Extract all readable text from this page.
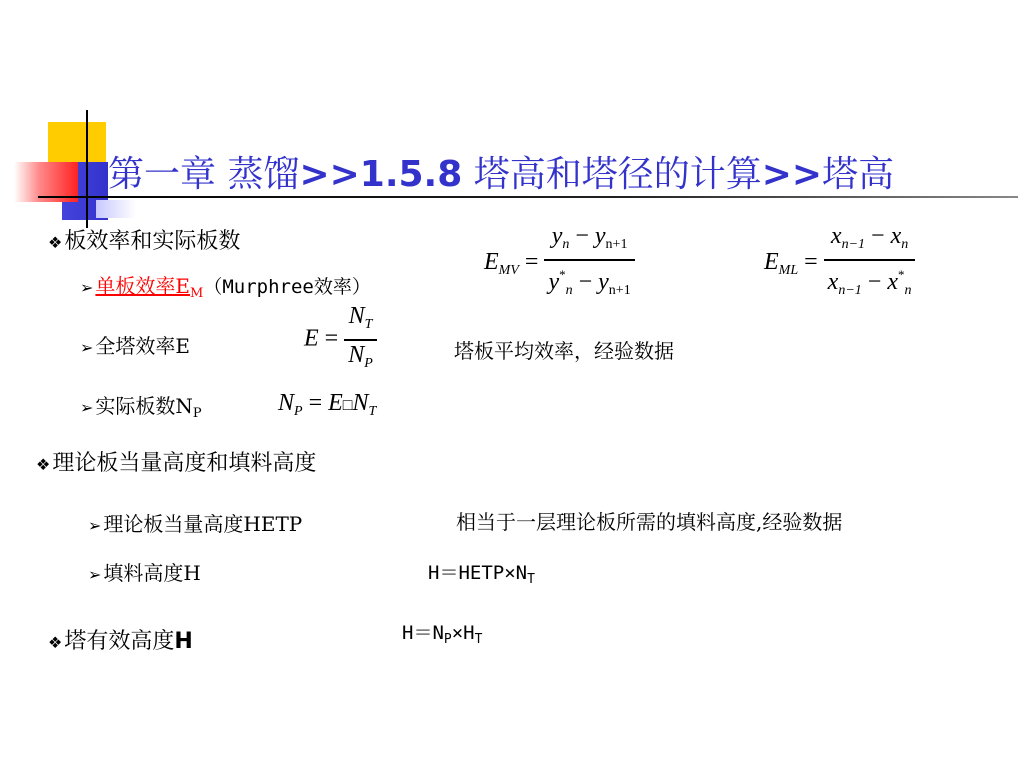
第一章 蒸馏>>1.5.8 塔高和塔径的计算>>塔高
❖板效率和实际板数
➢ 单板效率$E_M(Murphree$效率）
➢ 全塔效率E
➢ 实际板数$N_P$
$E_{MV} = \frac{y_n - y_{n+1}}{y^*_n - y_{n+1}}$	$E_{ML} = \frac{x_{n-1} - x_n}{x_{n-1} - x^*_n}$
$E = \frac{N_T}{N_P}$
$N_P$ = $E□N_T$
塔板平均效率，经验数据
❖理论板当量高度和填料高度
➢ 理论板当量高度HETP	相当于一层理论板所需的填料高度,经验数据
➢ 填料高度H	$H=HETP\times N_T$
❖塔有效高度H	$H=N_P\times H_T$
